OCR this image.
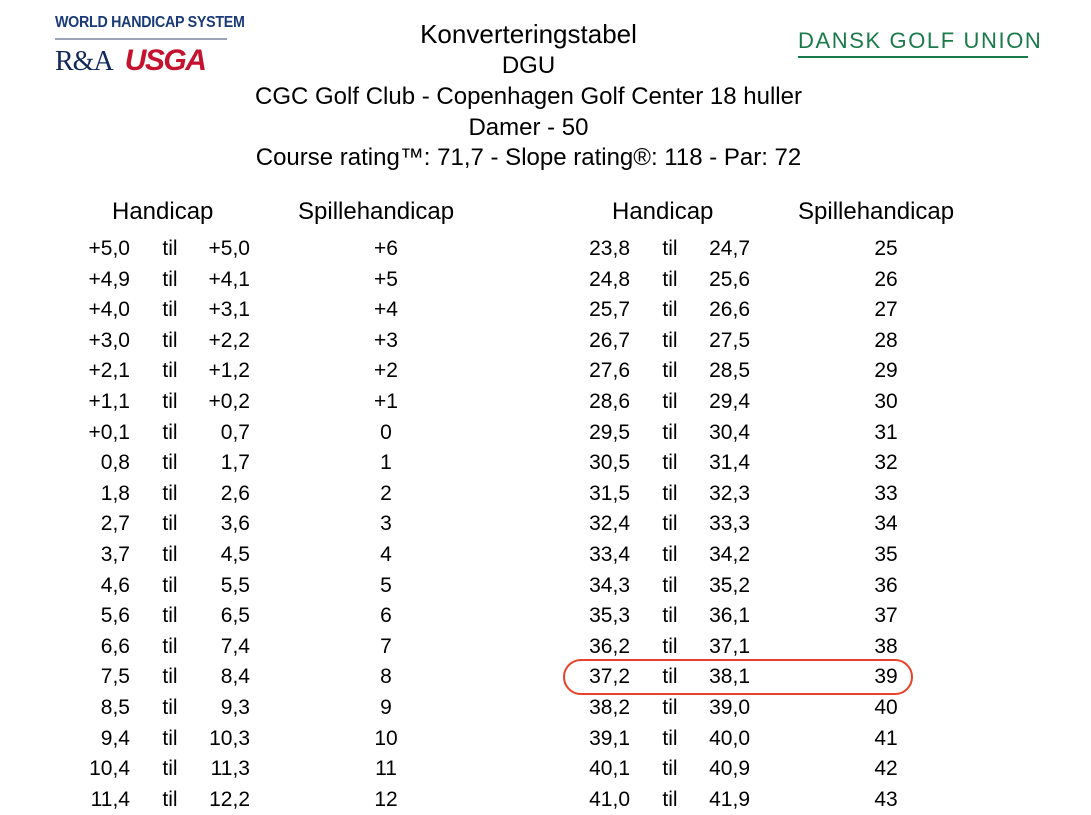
WORLD HANDICAP SYSTEM
R&A USGA
DANSK GOLF UNION
Konverteringstabel
DGU
CGC Golf Club - Copenhagen Golf Center 18 huller
Damer - 50
Course rating™: 71,7 - Slope rating®: 118 - Par: 72
Handicap	Spillehandicap
+5,0	til	+5,0	+6
+4,9	til	+4,1	+5
+4,0	til	+3,1	+4
+3,0	til	+2,2	+3
+2,1	til	+1,2	+2
+1,1	til	+0,2	+1
+0,1	til	0,7	0
0,8	til	1,7	1
1,8	til	2,6	2
2,7	til	3,6	3
3,7	til	4,5	4
4,6	til	5,5	5
5,6	til	6,5	6
6,6	til	7,4	7
7,5	til	8,4	8
8,5	til	9,3	9
9,4	til	10,3	10
10,4	til	11,3	11
11,4	til	12,2	12
Handicap	Spillehandicap
23,8	til	24,7	25
24,8	til	25,6	26
25,7	til	26,6	27
26,7	til	27,5	28
27,6	til	28,5	29
28,6	til	29,4	30
29,5	til	30,4	31
30,5	til	31,4	32
31,5	til	32,3	33
32,4	til	33,3	34
33,4	til	34,2	35
34,3	til	35,2	36
35,3	til	36,1	37
36,2	til	37,1	38
37,2	til	38,1	39
38,2	til	39,0	40
39,1	til	40,0	41
40,1	til	40,9	42
41,0	til	41,9	43
